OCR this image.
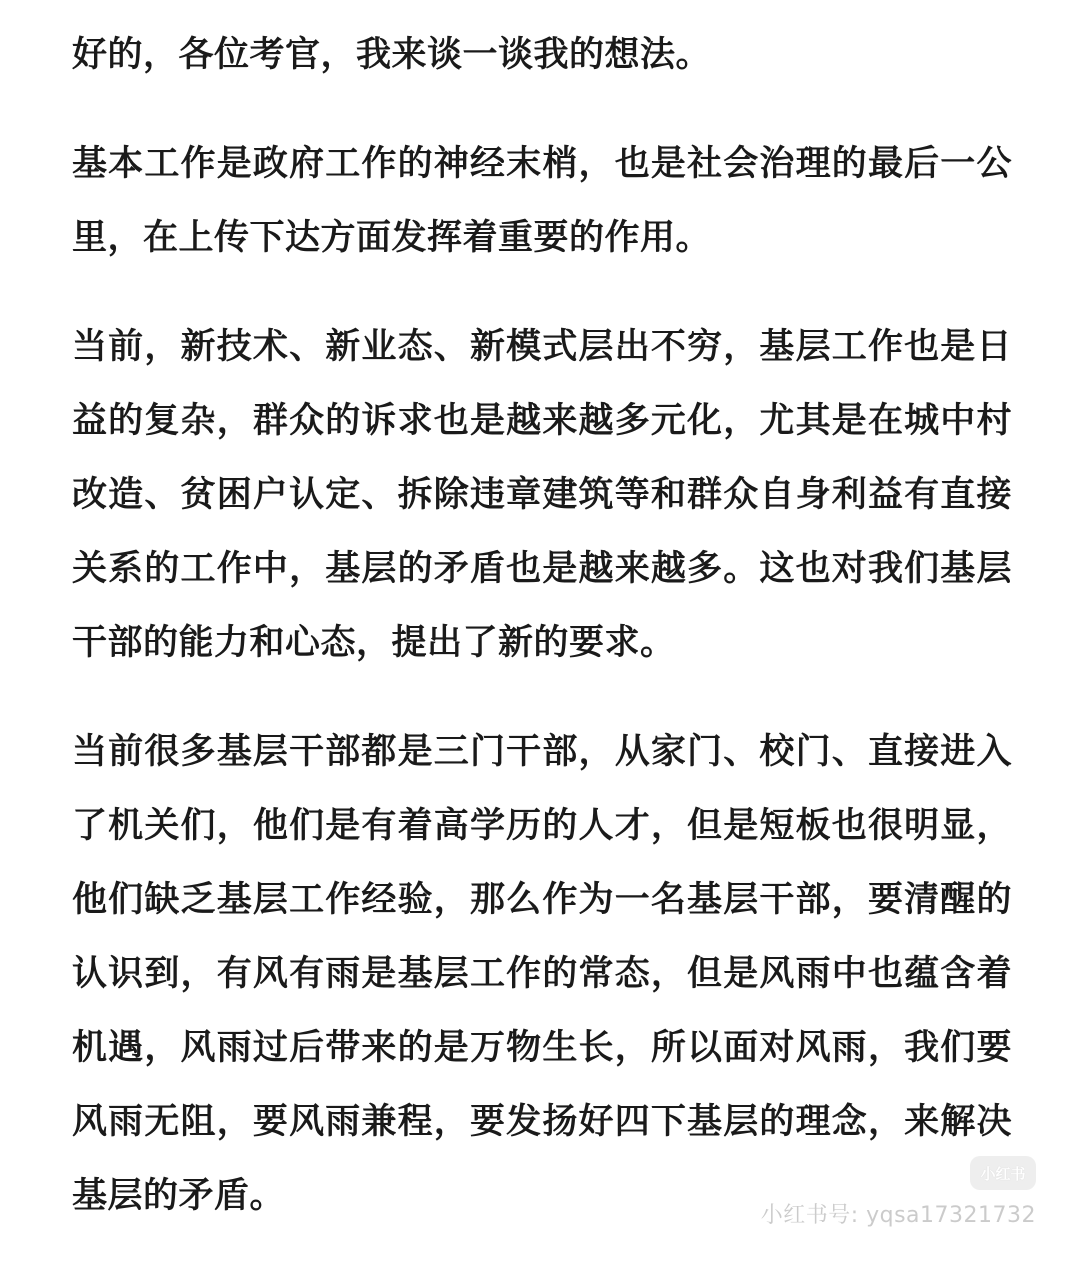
好的，各位考官，我来谈一谈我的想法。

基本工作是政府工作的神经末梢，也是社会治理的最后一公里，在上传下达方面发挥着重要的作用。

当前，新技术、新业态、新模式层出不穷，基层工作也是日益的复杂，群众的诉求也是越来越多元化，尤其是在城中村改造、贫困户认定、拆除违章建筑等和群众自身利益有直接关系的工作中，基层的矛盾也是越来越多。这也对我们基层干部的能力和心态，提出了新的要求。

当前很多基层干部都是三门干部，从家门、校门、直接进入了机关们，他们是有着高学历的人才，但是短板也很明显，他们缺乏基层工作经验，那么作为一名基层干部，要清醒的认识到，有风有雨是基层工作的常态，但是风雨中也蕴含着机遇，风雨过后带来的是万物生长，所以面对风雨，我们要风雨无阻，要风雨兼程，要发扬好四下基层的理念，来解决基层的矛盾。

小红书
小红书号: yqsa17321732
